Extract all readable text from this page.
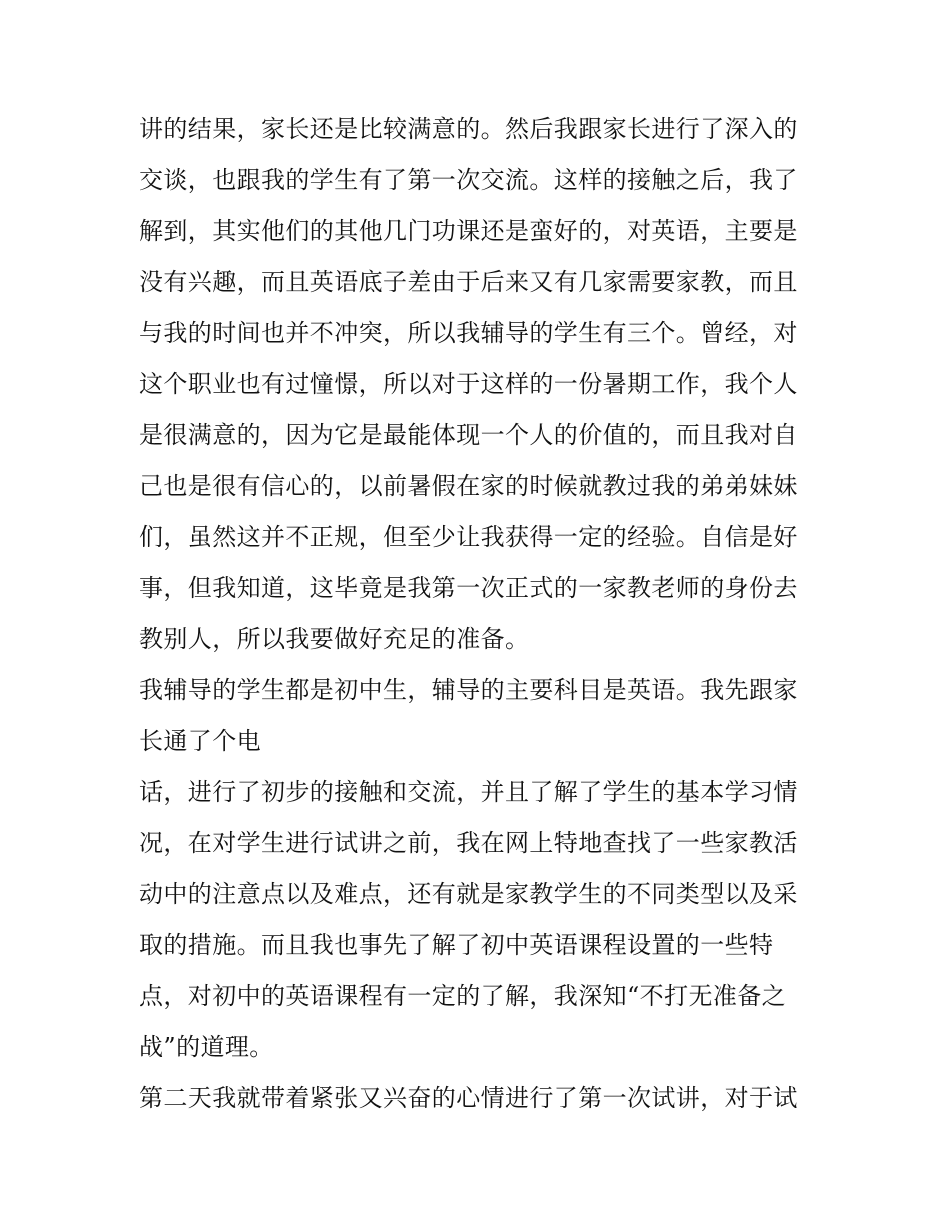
讲的结果，家长还是比较满意的。然后我跟家长进行了深入的
交谈，也跟我的学生有了第一次交流。这样的接触之后，我了
解到，其实他们的其他几门功课还是蛮好的，对英语，主要是
没有兴趣，而且英语底子差由于后来又有几家需要家教，而且
与我的时间也并不冲突，所以我辅导的学生有三个。曾经，对
这个职业也有过憧憬，所以对于这样的一份暑期工作，我个人
是很满意的，因为它是最能体现一个人的价值的，而且我对自
己也是很有信心的，以前暑假在家的时候就教过我的弟弟妹妹
们，虽然这并不正规，但至少让我获得一定的经验。自信是好
事，但我知道，这毕竟是我第一次正式的一家教老师的身份去
教别人，所以我要做好充足的准备。
我辅导的学生都是初中生，辅导的主要科目是英语。我先跟家
长通了个电
话，进行了初步的接触和交流，并且了解了学生的基本学习情
况，在对学生进行试讲之前，我在网上特地查找了一些家教活
动中的注意点以及难点，还有就是家教学生的不同类型以及采
取的措施。而且我也事先了解了初中英语课程设置的一些特
点，对初中的英语课程有一定的了解，我深知“不打无准备之
战”的道理。
第二天我就带着紧张又兴奋的心情进行了第一次试讲，对于试
